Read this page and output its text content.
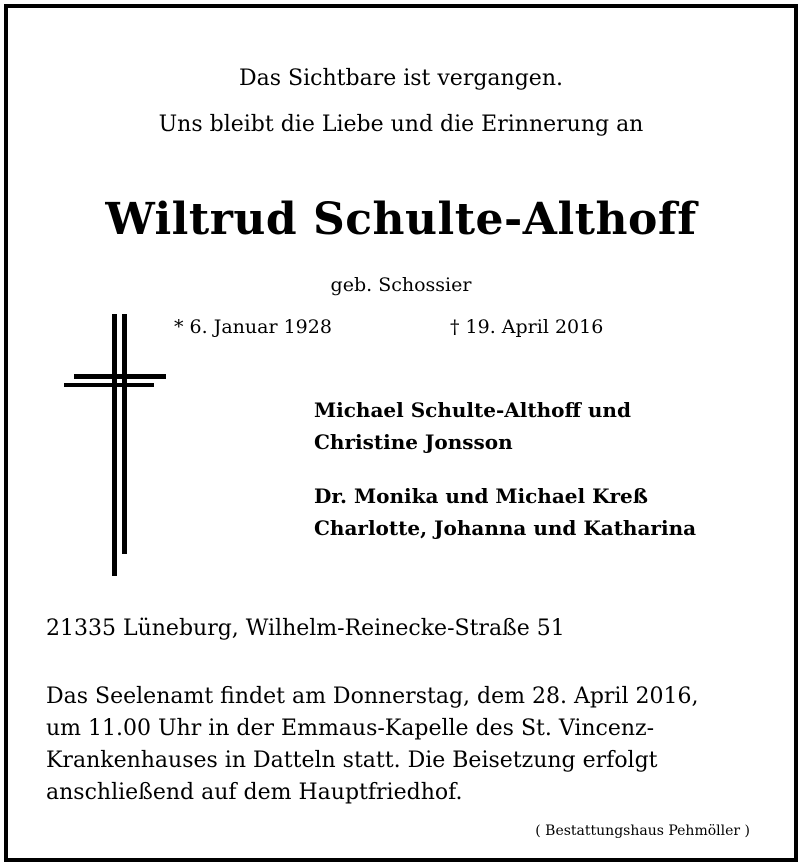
Das Sichtbare ist vergangen.
Uns bleibt die Liebe und die Erinnerung an
Wiltrud Schulte-Althoff
geb. Schossier
* 6. Januar 1928	† 19. April 2016
Michael Schulte-Althoff und
Christine Jonsson
Dr. Monika und Michael Kreß
Charlotte, Johanna und Katharina
21335 Lüneburg, Wilhelm-Reinecke-Straße 51
Das Seelenamt findet am Donnerstag, dem 28. April 2016,
um 11.00 Uhr in der Emmaus-Kapelle des St. Vincenz-
Krankenhauses in Datteln statt. Die Beisetzung erfolgt
anschließend auf dem Hauptfriedhof.
( Bestattungshaus Pehmöller )
